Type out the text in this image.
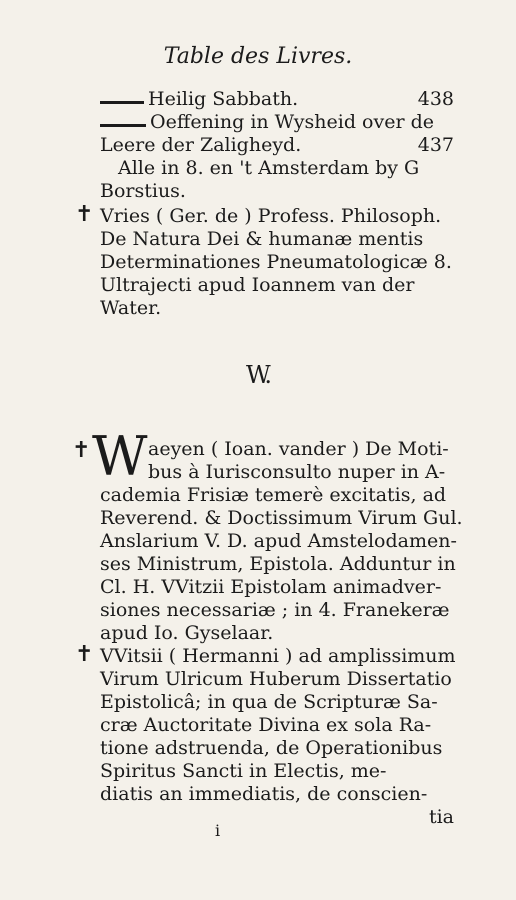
Table des Livres.
Heilig Sabbath.	438
Oeffening in Wysheid over de
Leere der Zaligheyd.	437
Alle in 8. en 't Amsterdam by G
Borstius.
✝ Vries ( Ger. de ) Profess. Philosoph.
De Natura Dei & humanæ mentis
Determinationes Pneumatologicæ 8.
Ultrajecti apud Ioannem van der
Water.
W.
✝ W aeyen ( Ioan. vander ) De Moti-
bus à Iurisconsulto nuper in A-
cademia Frisiæ temerè excitatis, ad
Reverend. & Doctissimum Virum Gul.
Anslarium V. D. apud Amstelodamen-
ses Ministrum, Epistola. Adduntur in
Cl. H. VVitzii Epistolam animadver-
siones necessariæ ; in 4. Franekeræ
apud Io. Gyselaar.
✝ VVitsii ( Hermanni ) ad amplissimum
Virum Ulricum Huberum Dissertatio
Epistolicâ; in qua de Scripturæ Sa-
cræ Auctoritate Divina ex sola Ra-
tione adstruenda, de Operationibus
Spiritus Sancti in Electis, me-
diatis an immediatis, de conscien-
tia
i
